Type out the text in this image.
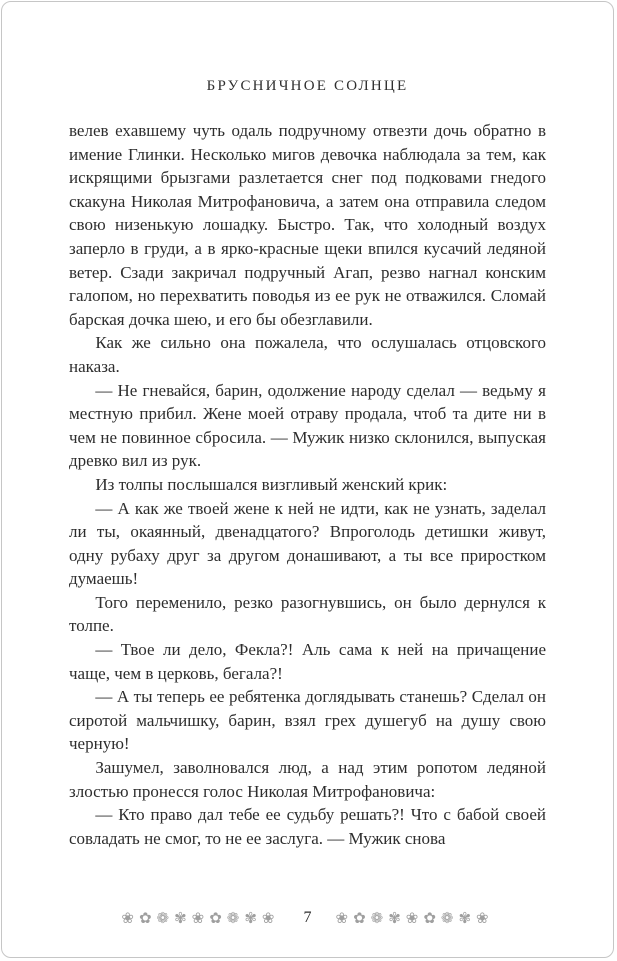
БРУСНИЧНОЕ СОЛНЦЕ

велев ехавшему чуть одаль подручному отвезти дочь обратно в имение Глинки. Несколько мигов девочка наблюдала за тем, как искрящими брызгами разлетается снег под подковами гнедого скакуна Николая Митрофановича, а затем она отправила следом свою низенькую лошадку. Быстро. Так, что холодный воздух заперло в груди, а в ярко-красные щеки впился кусачий ледяной ветер. Сзади закричал подручный Агап, резво нагнал конским галопом, но перехватить поводья из ее рук не отважился. Сломай барская дочка шею, и его бы обезглавили.

Как же сильно она пожалела, что ослушалась отцовского наказа.

— Не гневайся, барин, одолжение народу сделал — ведьму я местную прибил. Жене моей отраву продала, чтоб та дите ни в чем не повинное сбросила. — Мужик низко склонился, выпуская древко вил из рук.

Из толпы послышался визгливый женский крик:

— А как же твоей жене к ней не идти, как не узнать, заделал ли ты, окаянный, двенадцатого? Впроголодь детишки живут, одну рубаху друг за другом донашивают, а ты все приростком думаешь!

Того переменило, резко разогнувшись, он было дернулся к толпе.

— Твое ли дело, Фекла?! Аль сама к ней на причащение чаще, чем в церковь, бегала?!

— А ты теперь ее ребятенка доглядывать станешь? Сделал он сиротой мальчишку, барин, взял грех душегуб на душу свою черную!

Зашумел, заволновался люд, а над этим ропотом ледяной злостью пронесся голос Николая Митрофановича:

— Кто право дал тебе ее судьбу решать?! Что с бабой своей совладать не смог, то не ее заслуга. — Мужик снова

❀✿❁✾❀✿❁✾❀	7	❀✿❁✾❀✿❁✾❀
